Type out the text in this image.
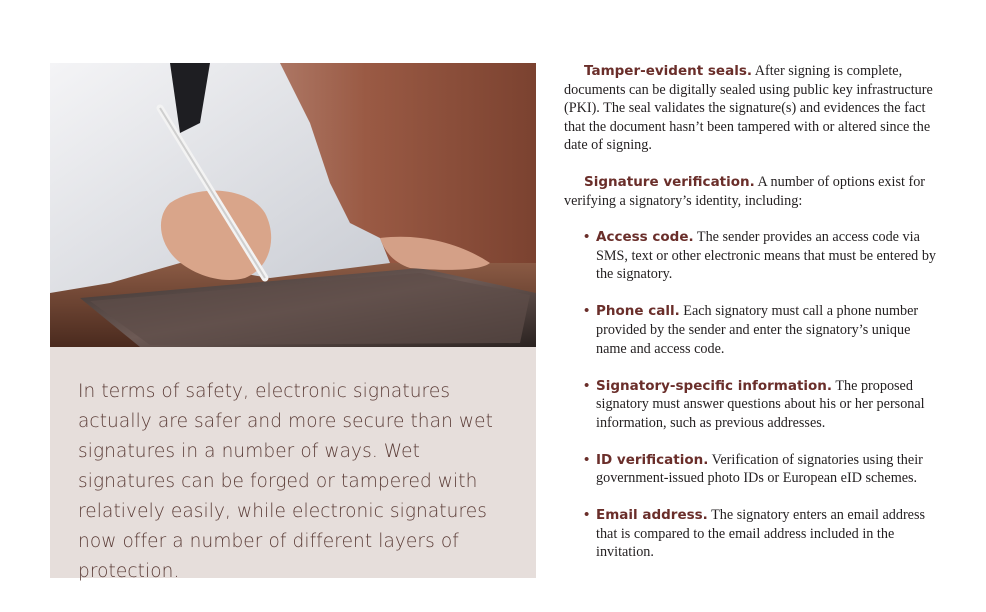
In terms of safety, electronic signatures actually are safer and more secure than wet signatures in a number of ways. Wet signatures can be forged or tampered with relatively easily, while electronic signatures now offer a number of different layers of protection.

Tamper-evident seals. After signing is complete, documents can be digitally sealed using public key infrastructure (PKI). The seal validates the signature(s) and evidences the fact that the document hasn’t been tampered with or altered since the date of signing.

Signature verification. A number of options exist for verifying a signatory’s identity, including:

• Access code. The sender provides an access code via SMS, text or other electronic means that must be entered by the signatory.
• Phone call. Each signatory must call a phone number provided by the sender and enter the signatory’s unique name and access code.
• Signatory-specific information. The proposed signatory must answer questions about his or her personal information, such as previous addresses.
• ID verification. Verification of signatories using their government-issued photo IDs or European eID schemes.
• Email address. The signatory enters an email address that is compared to the email address included in the invitation.
